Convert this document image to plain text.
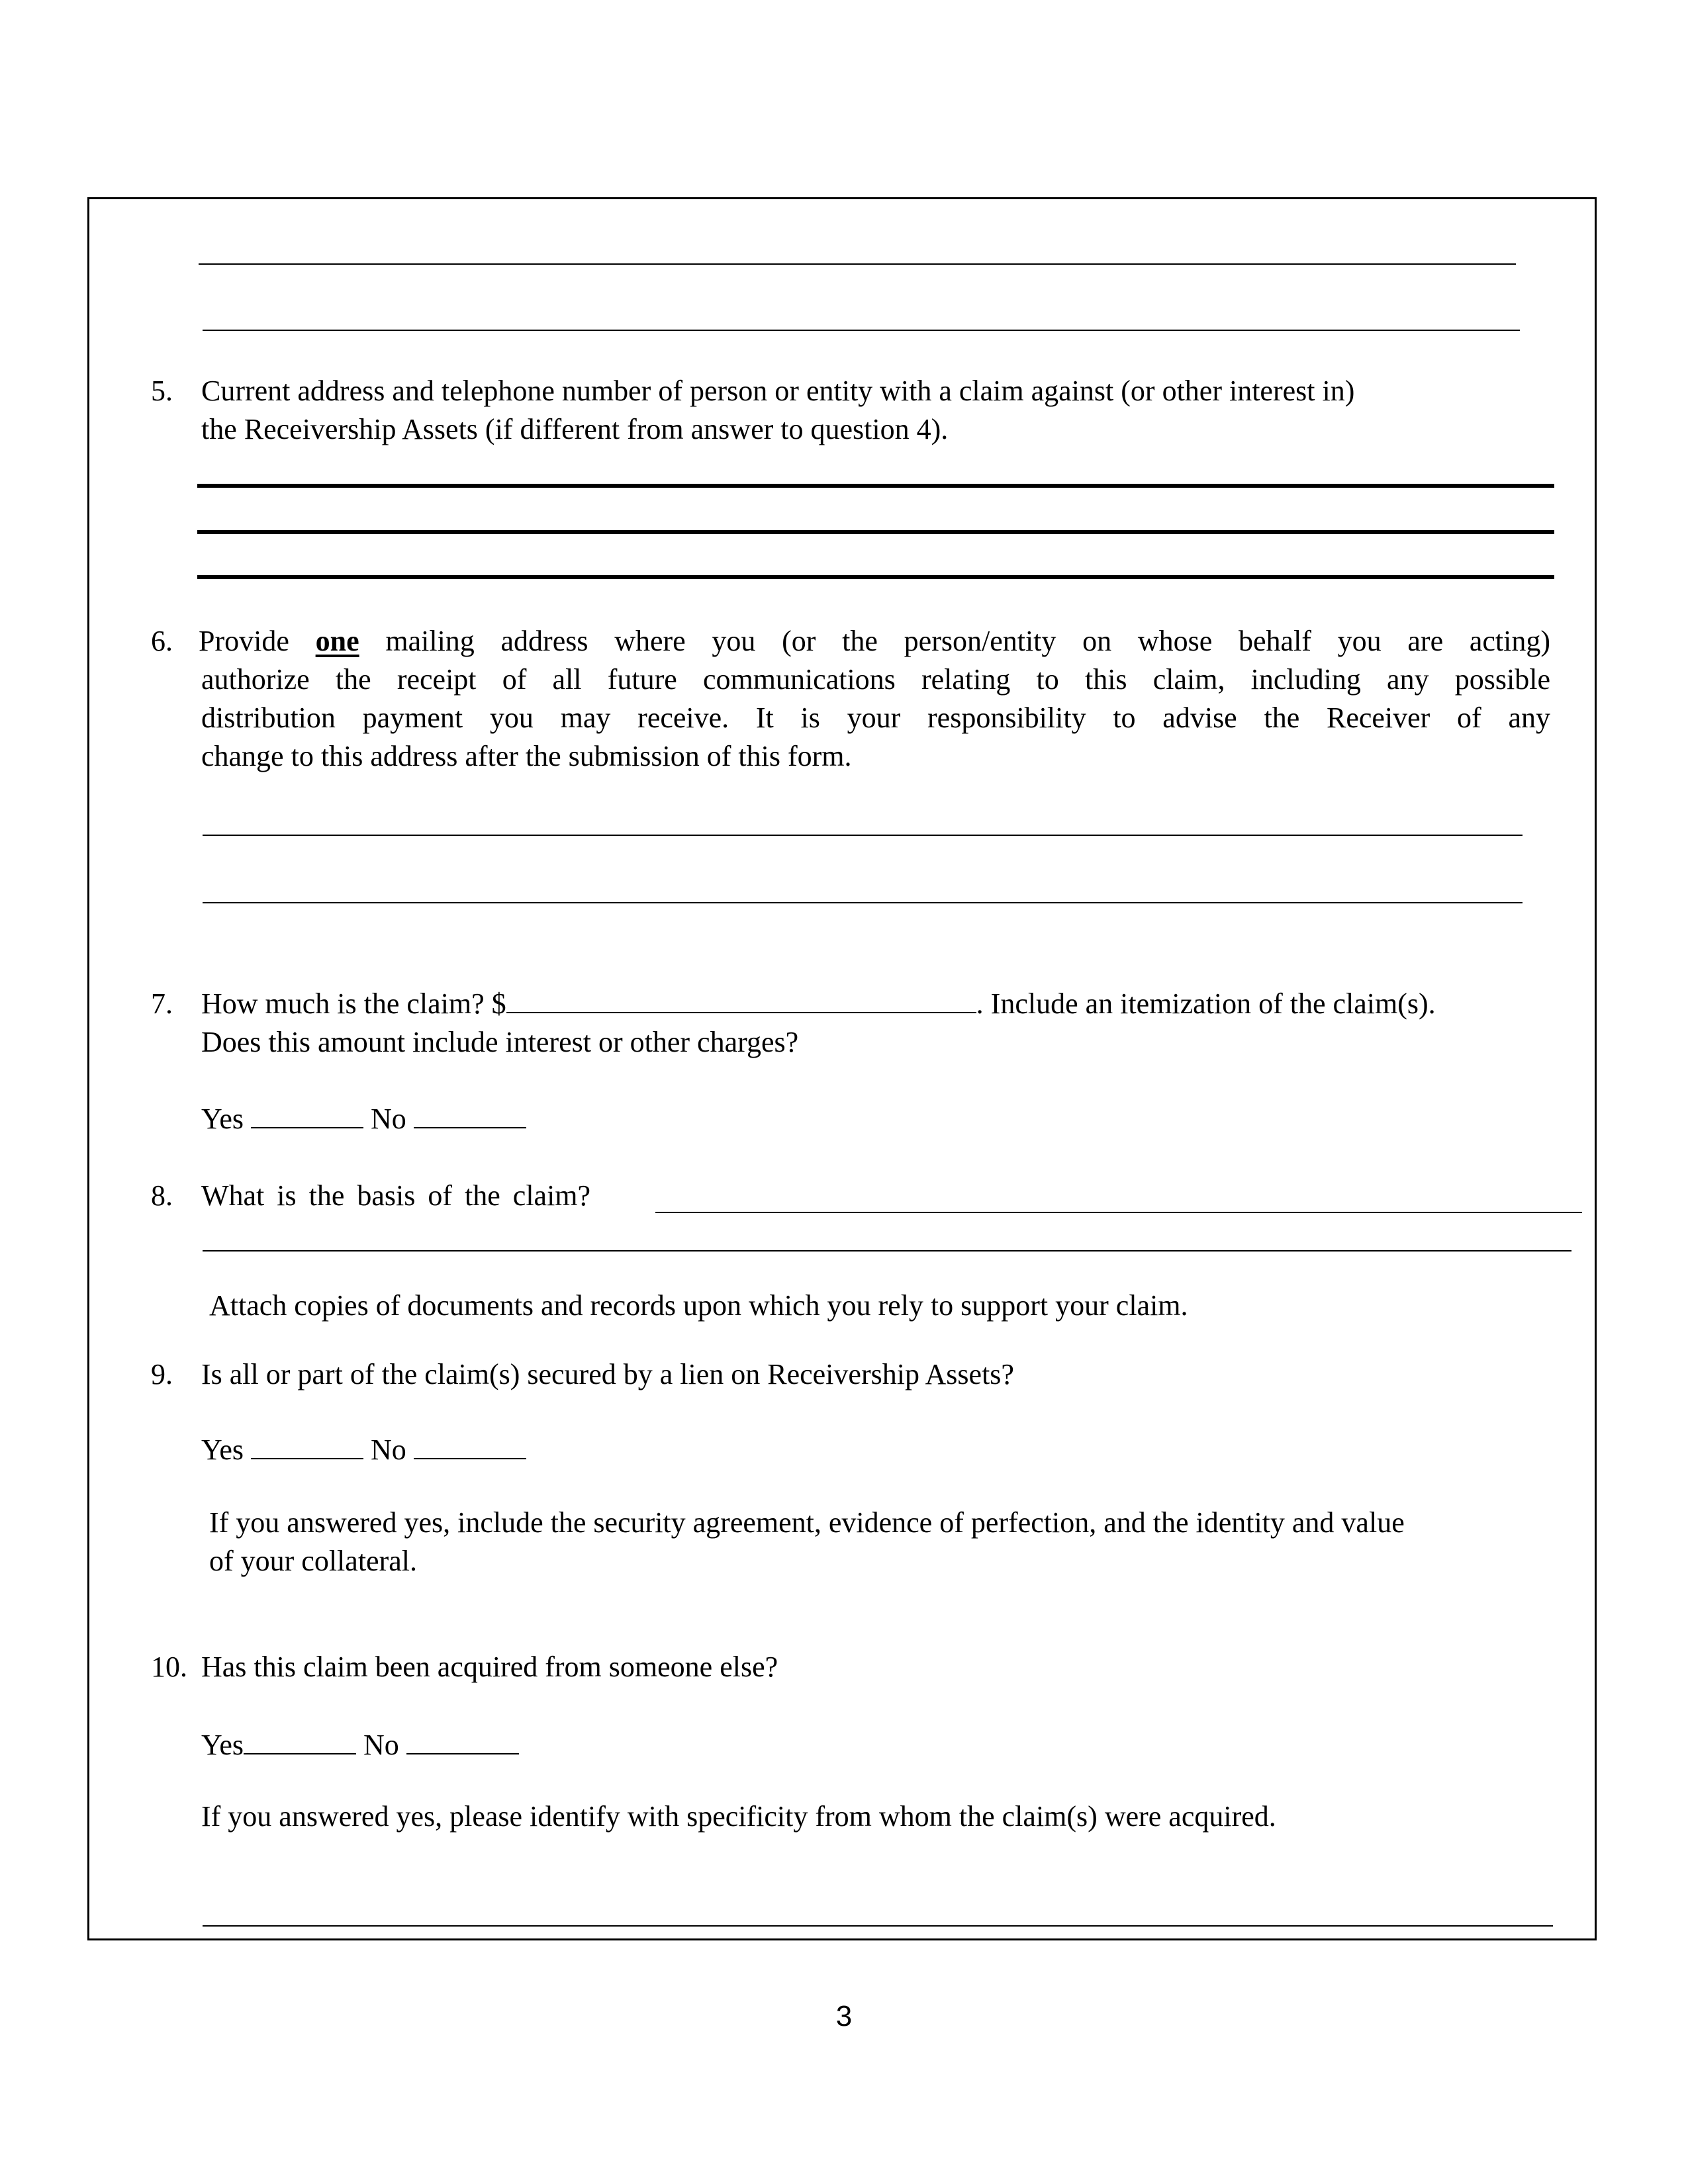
5. Current address and telephone number of person or entity with a claim against (or other interest in)
the Receivership Assets (if different from answer to question 4).
6. Provide one mailing address where you (or the person/entity on whose behalf you are acting)
authorize the receipt of all future communications relating to this claim, including any possible
distribution payment you may receive. It is your responsibility to advise the Receiver of any
change to this address after the submission of this form.
7. How much is the claim? $	. Include an itemization of the claim(s).
Does this amount include interest or other charges?
Yes	No
8. What is the basis of the claim?
Attach copies of documents and records upon which you rely to support your claim.
9. Is all or part of the claim(s) secured by a lien on Receivership Assets?
Yes	No
If you answered yes, include the security agreement, evidence of perfection, and the identity and value
of your collateral.
10. Has this claim been acquired from someone else?
Yes	No
If you answered yes, please identify with specificity from whom the claim(s) were acquired.
3
